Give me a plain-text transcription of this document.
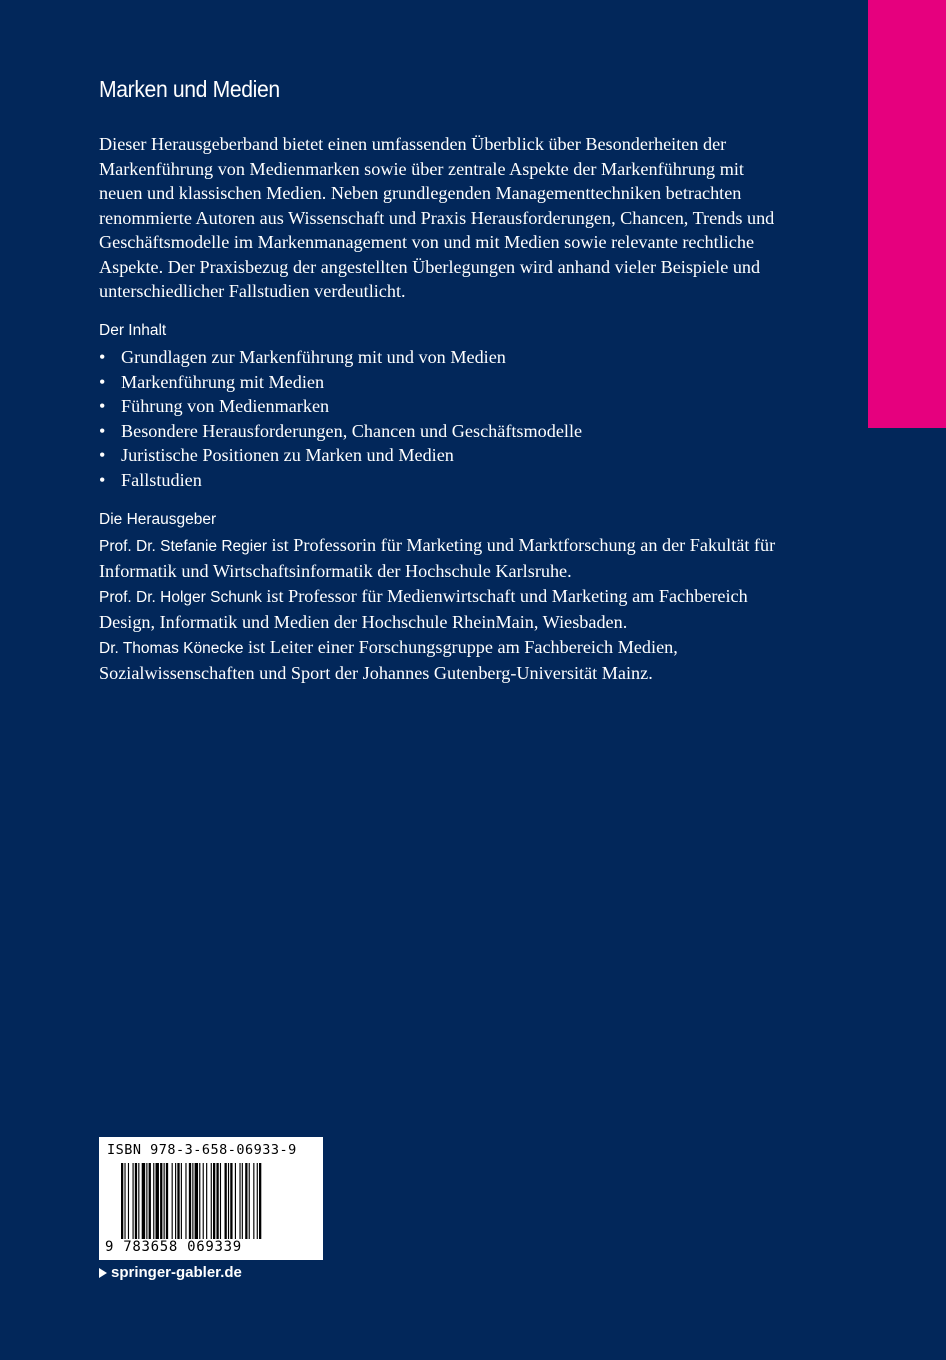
Marken und Medien

Dieser Herausgeberband bietet einen umfassenden Überblick über Besonderheiten der Markenführung von Medienmarken sowie über zentrale Aspekte der Markenführung mit neuen und klassischen Medien. Neben grundlegenden Managementtechniken betrachten renommierte Autoren aus Wissenschaft und Praxis Herausforderungen, Chancen, Trends und Geschäftsmodelle im Markenmanagement von und mit Medien sowie relevante rechtliche Aspekte. Der Praxisbezug der angestellten Überlegungen wird anhand vieler Beispiele und unterschiedlicher Fallstudien verdeutlicht.

Der Inhalt

• Grundlagen zur Markenführung mit und von Medien
• Markenführung mit Medien
• Führung von Medienmarken
• Besondere Herausforderungen, Chancen und Geschäftsmodelle
• Juristische Positionen zu Marken und Medien
• Fallstudien

Die Herausgeber

Prof. Dr. Stefanie Regier ist Professorin für Marketing und Marktforschung an der Fakultät für Informatik und Wirtschaftsinformatik der Hochschule Karlsruhe.

Prof. Dr. Holger Schunk ist Professor für Medienwirtschaft und Marketing am Fachbereich Design, Informatik und Medien der Hochschule RheinMain, Wiesbaden.

Dr. Thomas Könecke ist Leiter einer Forschungsgruppe am Fachbereich Medien, Sozialwissenschaften und Sport der Johannes Gutenberg-Universität Mainz.

ISBN 978-3-658-06933-9
9 783658 069339
springer-gabler.de
